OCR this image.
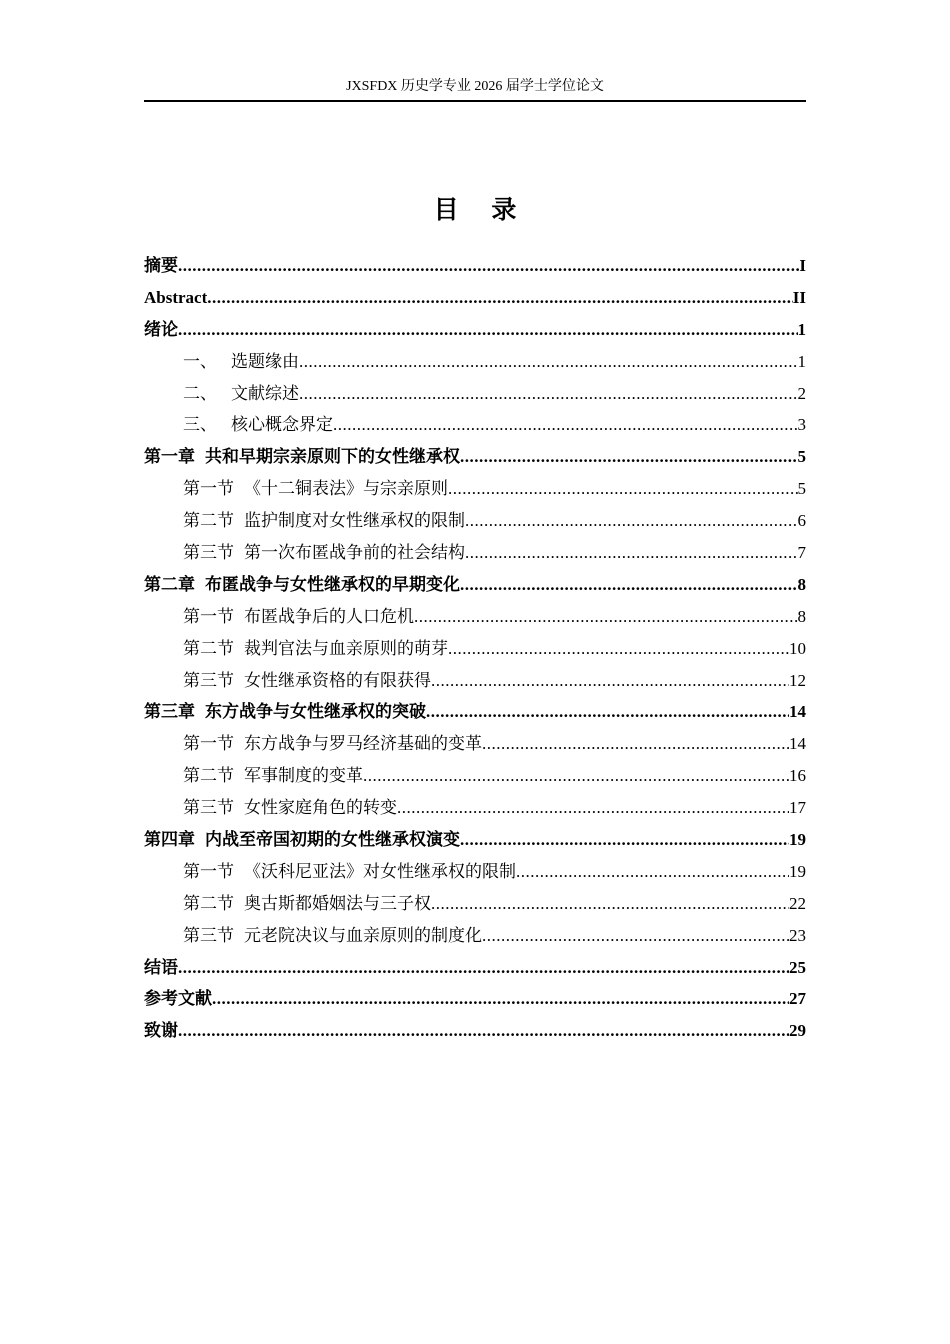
JXSFDX 历史学专业 2026 届学士学位论文
目 录
摘要 .....	I
Abstract .....	II
绪论 .....	1
一、 选题缘由 .....	1
二、 文献综述 .....	2
三、 核心概念界定 .....	3
第一章 共和早期宗亲原则下的女性继承权 .....	5
第一节 《十二铜表法》与宗亲原则 .....	5
第二节 监护制度对女性继承权的限制 .....	6
第三节 第一次布匿战争前的社会结构 .....	7
第二章 布匿战争与女性继承权的早期变化 .....	8
第一节 布匿战争后的人口危机 .....	8
第二节 裁判官法与血亲原则的萌芽 .....	10
第三节 女性继承资格的有限获得 .....	12
第三章 东方战争与女性继承权的突破 .....	14
第一节 东方战争与罗马经济基础的变革 .....	14
第二节 军事制度的变革 .....	16
第三节 女性家庭角色的转变 .....	17
第四章 内战至帝国初期的女性继承权演变 .....	19
第一节 《沃科尼亚法》对女性继承权的限制 .....	19
第二节 奥古斯都婚姻法与三子权 .....	22
第三节 元老院决议与血亲原则的制度化 .....	23
结语 .....	25
参考文献 .....	27
致谢 .....	29
